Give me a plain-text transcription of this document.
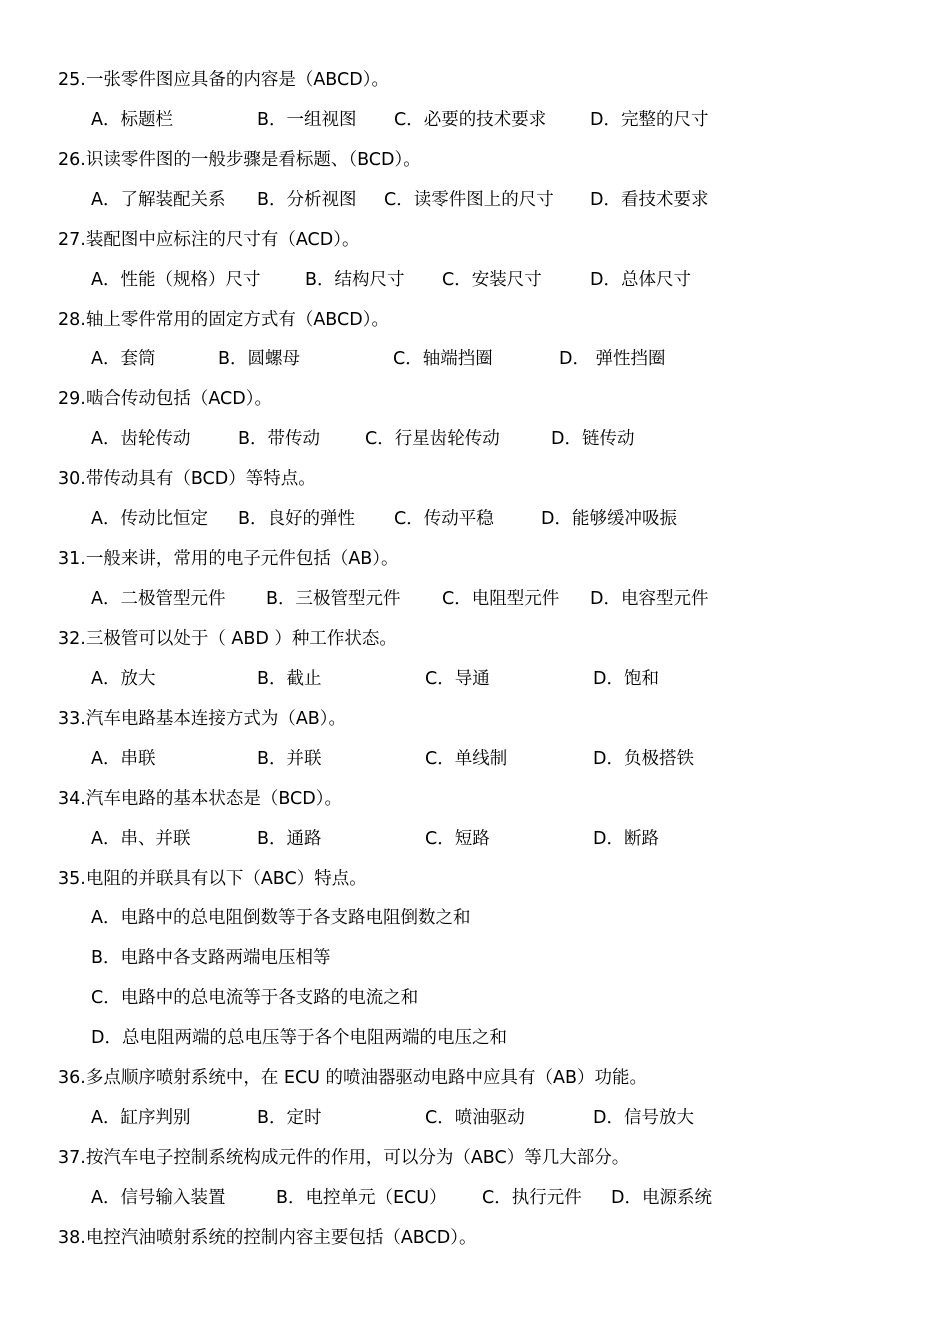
25.一张零件图应具备的内容是（ABCD）。
A．标题栏	B．一组视图 C．必要的技术要求	D．完整的尺寸
26.识读零件图的一般步骤是看标题、（BCD）。
A．了解装配关系 B．分析视图 C．读零件图上的尺寸 D．看技术要求
27.装配图中应标注的尺寸有（ACD）。
A．性能（规格）尺寸	B．结构尺寸 C．安装尺寸	D．总体尺寸
28.轴上零件常用的固定方式有（ABCD）。
A．套筒	B．圆螺母	C．轴端挡圈	D． 弹性挡圈
29.啮合传动包括（ACD）。
A．齿轮传动	B．带传动	C．行星齿轮传动	D．链传动
30.带传动具有（BCD）等特点。
A．传动比恒定 B．良好的弹性 C．传动平稳	D．能够缓冲吸振
31.一般来讲，常用的电子元件包括（AB）。
A．二极管型元件 B．三极管型元件 C．电阻型元件 D．电容型元件
32.三极管可以处于（ ABD ）种工作状态。
A．放大	B．截止	C．导通	D．饱和
33.汽车电路基本连接方式为（AB）。
A．串联	B．并联	C．单线制	D．负极搭铁
34.汽车电路的基本状态是（BCD）。
A．串、并联	B．通路	C．短路	D．断路
35.电阻的并联具有以下（ABC）特点。
A．电路中的总电阻倒数等于各支路电阻倒数之和
B．电路中各支路两端电压相等
C．电路中的总电流等于各支路的电流之和
D．总电阻两端的总电压等于各个电阻两端的电压之和
36.多点顺序喷射系统中，在 ECU 的喷油器驱动电路中应具有（AB）功能。
A．缸序判别	B．定时	C．喷油驱动	D．信号放大
37.按汽车电子控制系统构成元件的作用，可以分为（ABC）等几大部分。
A．信号输入装置	B．电控单元（ECU） C．执行元件 D．电源系统
38.电控汽油喷射系统的控制内容主要包括（ABCD）。
